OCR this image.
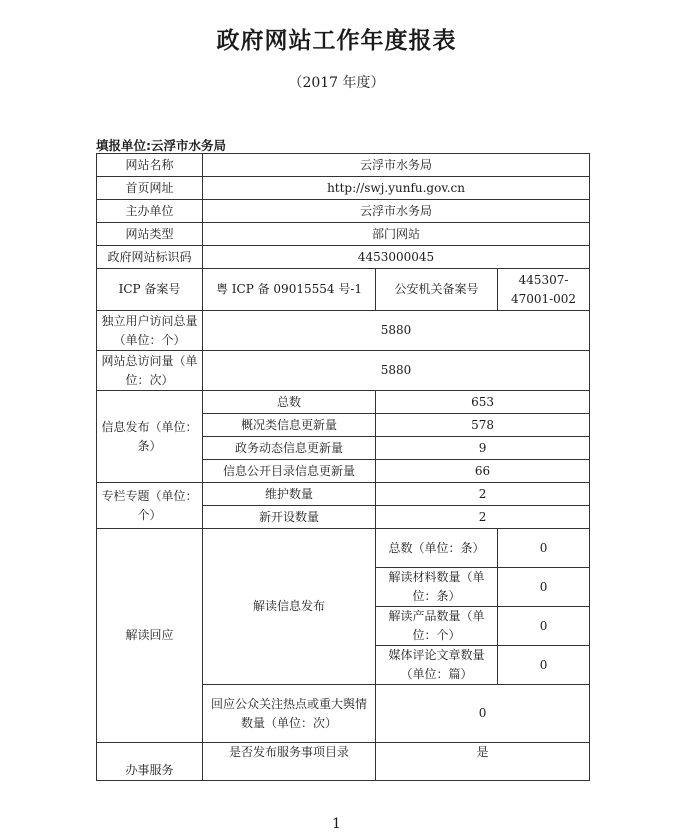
政府网站工作年度报表
（2017 年度）
填报单位:云浮市水务局
网站名称	云浮市水务局		
首页网址	http://swj.yunfu.gov.cn		
主办单位	云浮市水务局		
网站类型	部门网站		
政府网站标识码	4453000045		
ICP 备案号	粤 ICP 备 09015554 号-1	公安机关备案号	445307-47001-002
独立用户访问总量（单位：个）	5880		
网站总访问量（单位：次）	5880		
信息发布（单位：条）	总数	653	
	概况类信息更新量	578	
	政务动态信息更新量	9	
	信息公开目录信息更新量	66	
专栏专题（单位：个）	维护数量	2	
	新开设数量	2	
解读回应	解读信息发布	总数（单位：条）	0
		解读材料数量（单位：条）	0
		解读产品数量（单位：个）	0
		媒体评论文章数量（单位：篇）	0
	回应公众关注热点或重大舆情数量（单位：次）	0	
办事服务	是否发布服务事项目录	是	
1
